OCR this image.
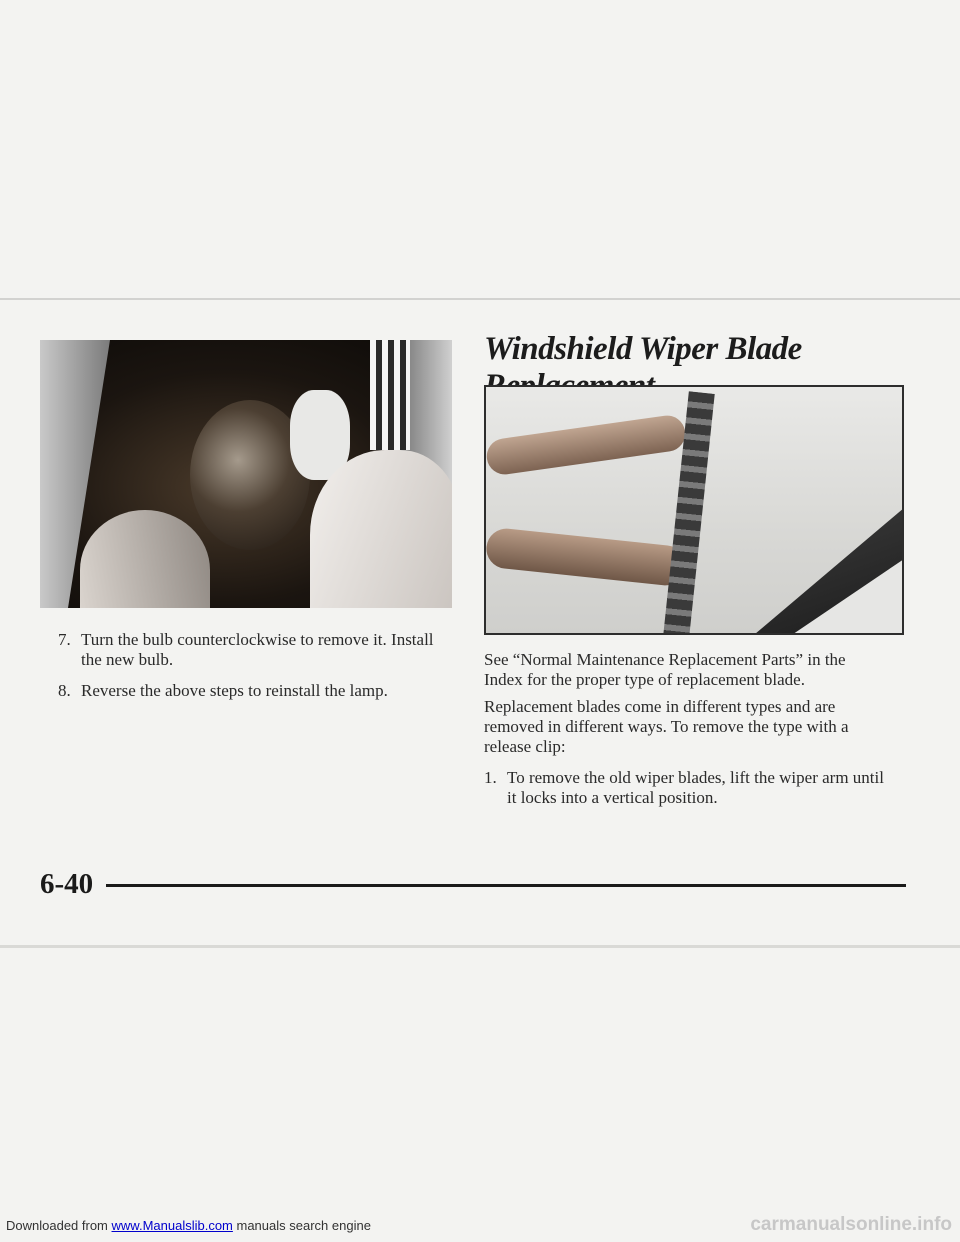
7. Turn the bulb counterclockwise to remove it. Install the new bulb.
8. Reverse the above steps to reinstall the lamp.
Windshield Wiper Blade

See “Normal Maintenance Replacement Parts” in the Index for the proper type of replacement blade.

Replacement blades come in different types and are removed in different ways. To remove the type with a release clip:

1. To remove the old wiper blades, lift the wiper arm until it locks into a vertical position.

6-40

Downloaded from www.Manualslib.com manuals search engine	carmanualsonline.info
